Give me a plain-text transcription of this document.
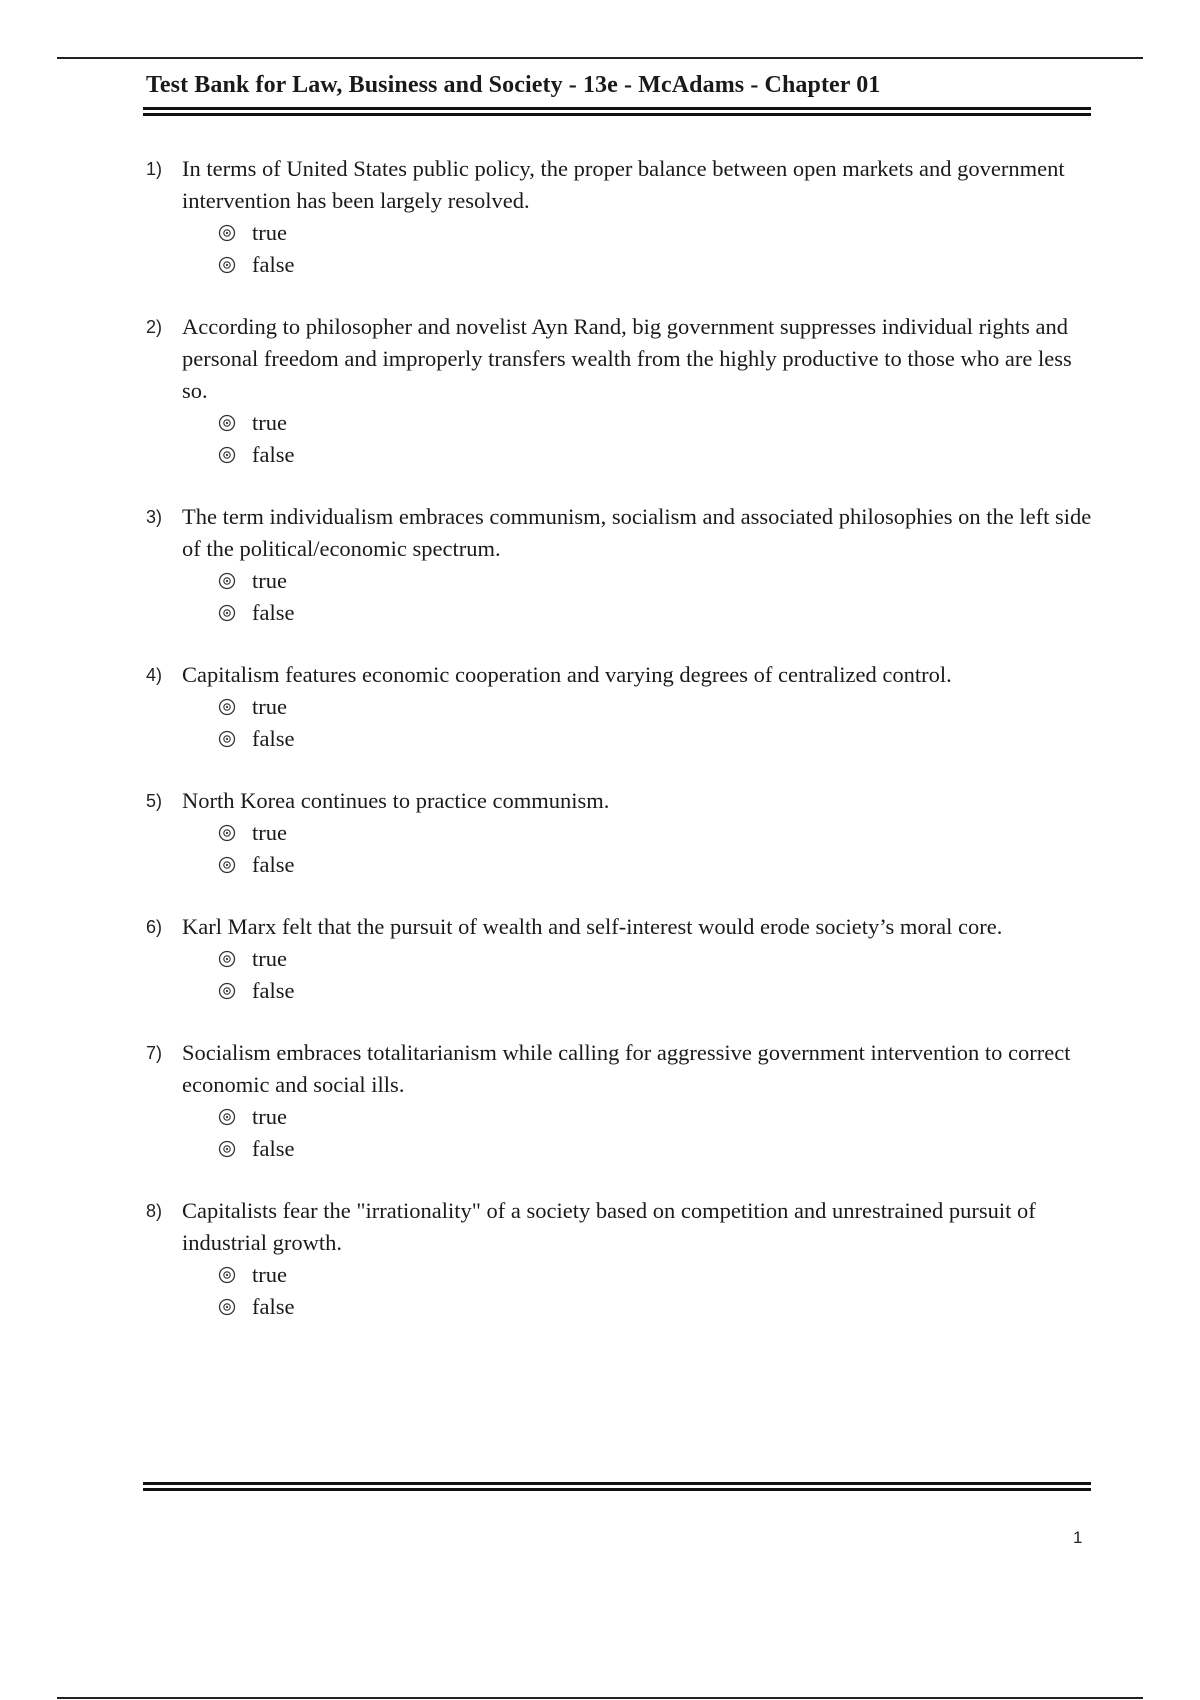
Test Bank for Law, Business and Society - 13e - McAdams - Chapter 01
1) In terms of United States public policy, the proper balance between open markets and government intervention has been largely resolved.
true
false
2) According to philosopher and novelist Ayn Rand, big government suppresses individual rights and personal freedom and improperly transfers wealth from the highly productive to those who are less so.
true
false
3) The term individualism embraces communism, socialism and associated philosophies on the left side of the political/economic spectrum.
true
false
4) Capitalism features economic cooperation and varying degrees of centralized control.
true
false
5) North Korea continues to practice communism.
true
false
6) Karl Marx felt that the pursuit of wealth and self-interest would erode society’s moral core.
true
false
7) Socialism embraces totalitarianism while calling for aggressive government intervention to correct economic and social ills.
true
false
8) Capitalists fear the "irrationality" of a society based on competition and unrestrained pursuit of industrial growth.
true
false
1
